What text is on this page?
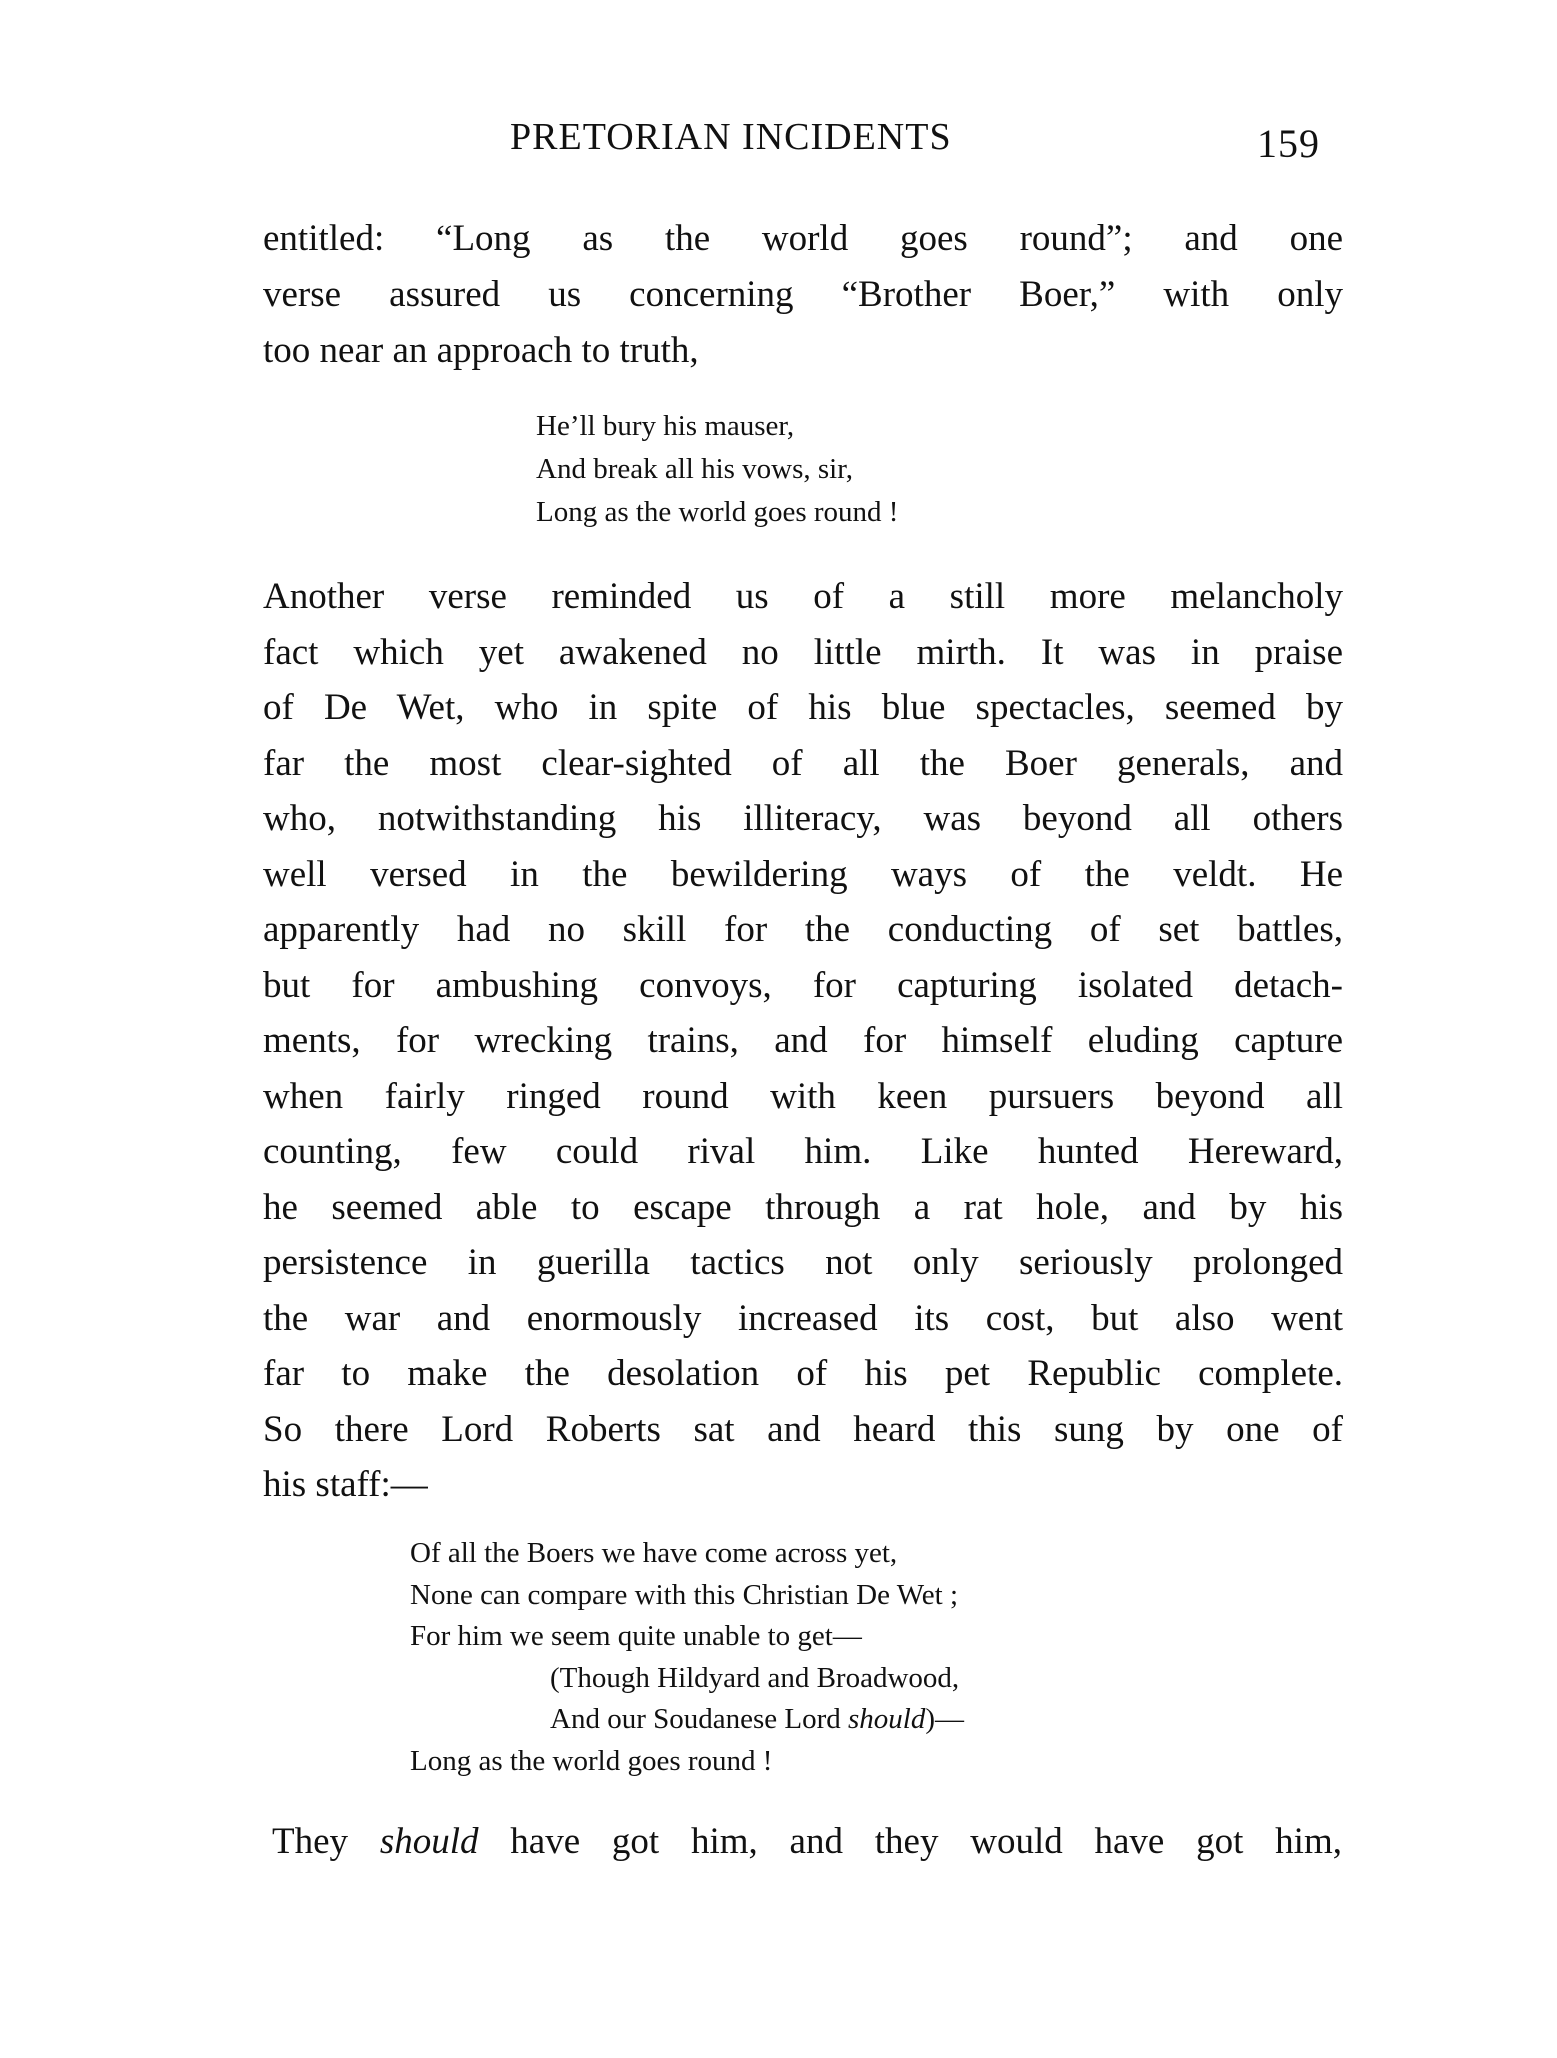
PRETORIAN INCIDENTS	159
entitled: “Long as the world goes round”; and one
verse assured us concerning “Brother Boer,” with only
too near an approach to truth,
He’ll bury his mauser,
And break all his vows, sir,
Long as the world goes round !
Another verse reminded us of a still more melancholy
fact which yet awakened no little mirth. It was in praise
of De Wet, who in spite of his blue spectacles, seemed by
far the most clear-sighted of all the Boer generals, and
who, notwithstanding his illiteracy, was beyond all others
well versed in the bewildering ways of the veldt. He
apparently had no skill for the conducting of set battles,
but for ambushing convoys, for capturing isolated detach-
ments, for wrecking trains, and for himself eluding capture
when fairly ringed round with keen pursuers beyond all
counting, few could rival him. Like hunted Hereward,
he seemed able to escape through a rat hole, and by his
persistence in guerilla tactics not only seriously prolonged
the war and enormously increased its cost, but also went
far to make the desolation of his pet Republic complete.
So there Lord Roberts sat and heard this sung by one of
his staff:—
Of all the Boers we have come across yet,
None can compare with this Christian De Wet ;
For him we seem quite unable to get—
(Though Hildyard and Broadwood,
And our Soudanese Lord should)—
Long as the world goes round !
They should have got him, and they would have got him,
